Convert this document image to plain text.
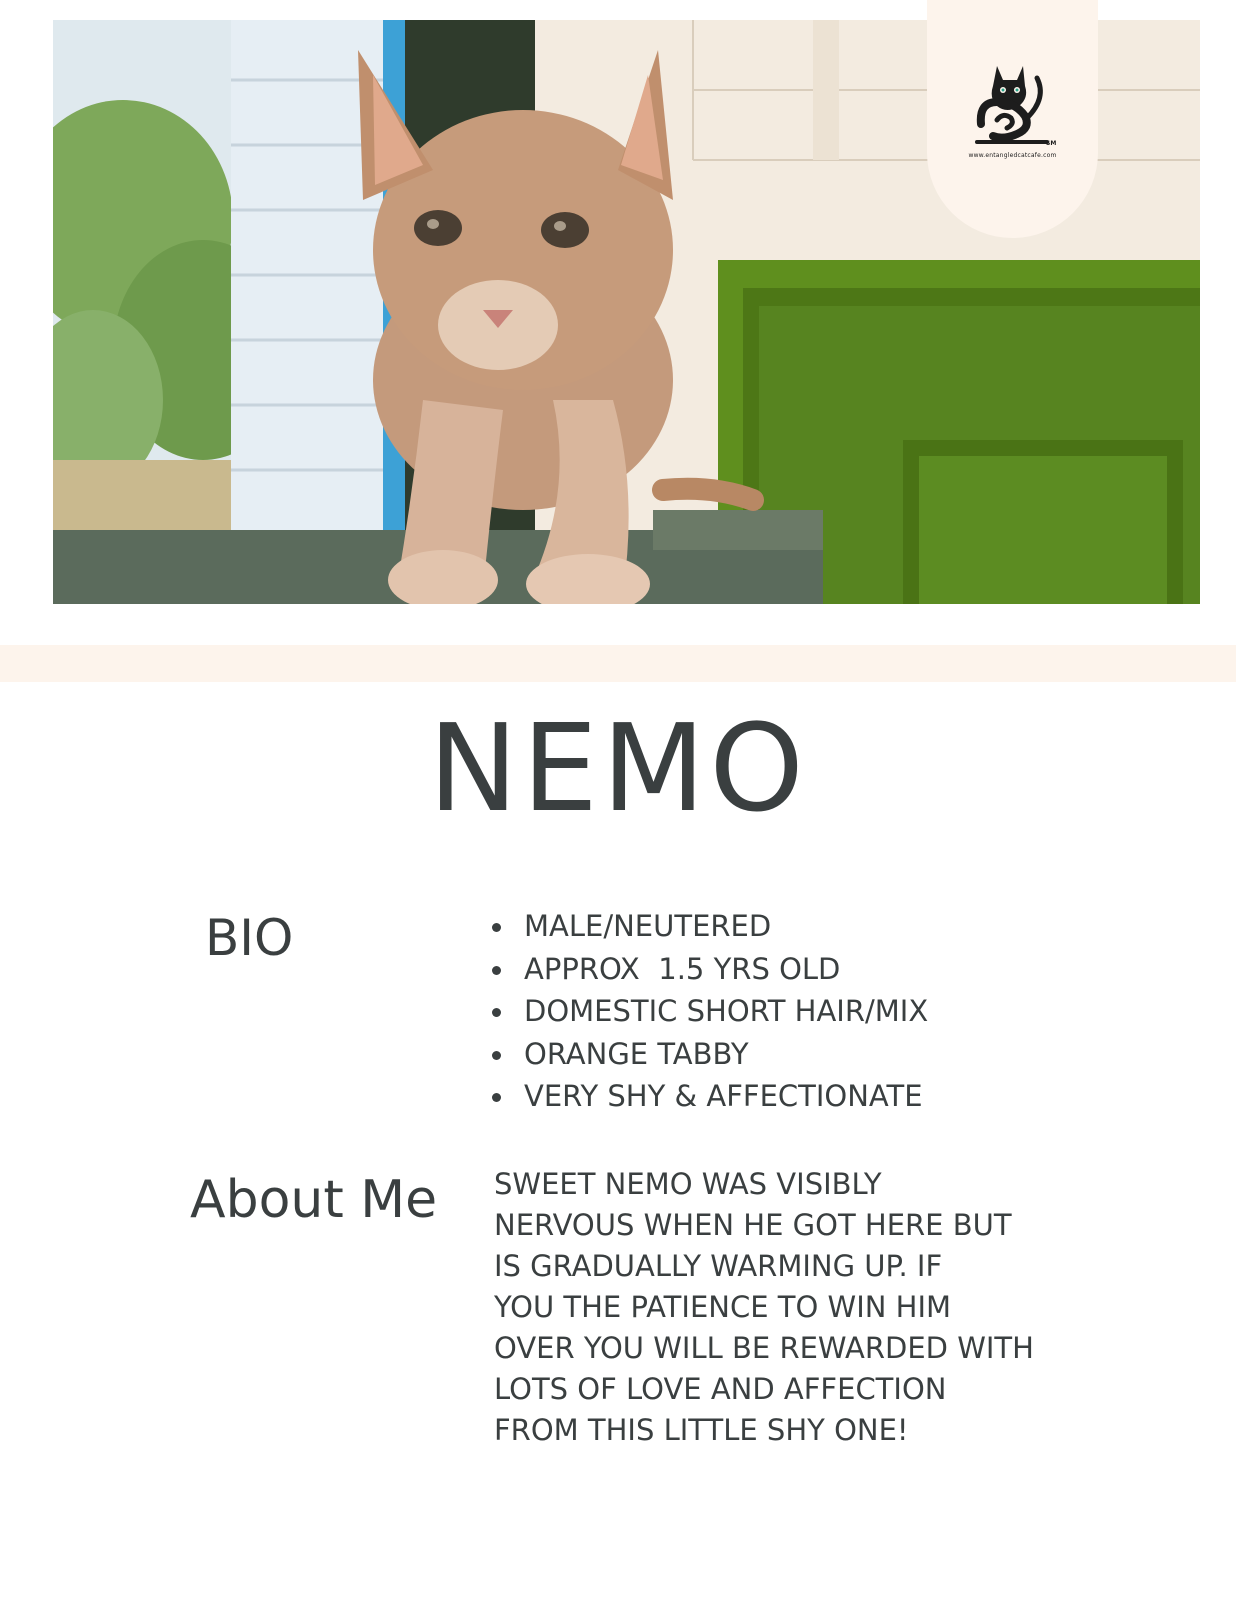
SM
www.entangledcatcafe.com
NEMO
BIO	MALE/NEUTERED
APPROX  1.5 YRS OLD
DOMESTIC SHORT HAIR/MIX
ORANGE TABBY
VERY SHY & AFFECTIONATE
About Me SWEET NEMO WAS VISIBLY
NERVOUS WHEN HE GOT HERE BUT
IS GRADUALLY WARMING UP. IF
YOU THE PATIENCE TO WIN HIM
OVER YOU WILL BE REWARDED WITH
LOTS OF LOVE AND AFFECTION
FROM THIS LITTLE SHY ONE!
